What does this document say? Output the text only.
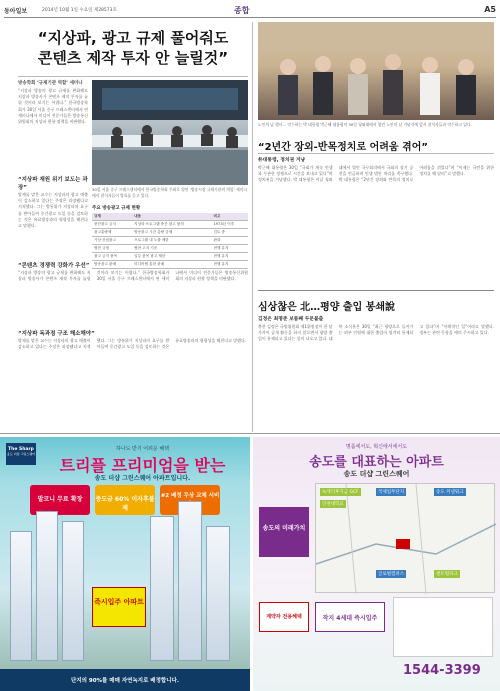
동아일보	2014년 10월 1일 수요일 제28573호	종합	A5
“지상파, 광고 규제 풀어줘도
콘텐츠 제작 투자 안 늘릴것”
방송학회 ‘규제기관 역할’ 세미나
“지상파 방송의 광고 규제를 완화해도 지상파 방송사가 콘텐츠 제작 투자를 늘릴 것이라 보기는 어렵다.” 한국방송학회가 30일 서울 중구 프레스센터에서 연 세미나에서 미디어 전문가들은 방송통신위원회의 지상파 편향 정책을 비판했다.
“지상파 재원 위기 보도는 과장”
발제를 맡은 교수는 지상파의 광고 매출이 감소하고 있다는 주장은 과장됐다고 지적했다. 그는 방통위가 지상파의 요구를 받아들여 중간광고 도입 등을 검토하는 것은 유료방송과의 형평성을 해친다고 말했다.
30일 서울 중구 프레스센터에서 한국방송학회 주최로 열린 ‘방송시장 규제기관의 역할’ 세미나에서 참석자들이 발표를 듣고 있다.
주요 방송광고 규제 현황
규제	내용	비고
중간광고 금지	지상파 프로그램 중간 광고 불허	1973년 이후
광고총량제	방송광고 시간 총량 규제	검토 중
가상·간접광고	프로그램 내 노출 제한	완화
협찬 규정	협찬 고지 기준	현행 유지
광고 금지 품목	일부 품목 광고 제한	현행 유지
방송광고 판매	미디어렙 통한 판매	현행 유지
“콘텐츠 경쟁력 강화가 우선”
“지상파 방송의 광고 규제를 완화해도 지상파 방송사가 콘텐츠 제작 투자를 늘릴 것이라 보기는 어렵다.” 한국방송학회가 30일 서울 중구 프레스센터에서 연 세미나에서 미디어 전문가들은 방송통신위원회의 지상파 편향 정책을 비판했다.
“지상파 독과점 구조 해소해야”
발제를 맡은 교수는 지상파의 광고 매출이 감소하고 있다는 주장은 과장됐다고 지적했다. 그는 방통위가 지상파의 요구를 받아들여 중간광고 도입 등을 검토하는 것은 유료방송과의 형평성을 해친다고 말했다.
노인의 날 행사… 악수하는 박 대통령 박근혜 대통령이 30일 청와대에서 열린 노인의 날 기념식에 앞서 참석자들과 악수하고 있다.
“2년간 장외-반목정치로 어려움 겪어”
朴대통령, 정치권 겨냥
박근혜 대통령은 30일 “국회가 계속 민생과 무관한 정쟁으로 시간을 보내고 있다”며 정치권을 겨냥했다. 박 대통령은 이날 청와대에서 열린 국무회의에서 국회의 장기 공전을 언급하며 민생 법안 처리를 촉구했다. 박 대통령은 “2년간 장외와 반목의 정치로 어려움을 겪었다”며 “이제는 국민을 위한 정치를 해 달라”고 말했다.
심상찮은 北…평양 출입 봉쇄說
김정은 최명준 보름째 두문불출
북한 김정은 국방위원회 제1위원장이 한 달 가까이 공개 활동을 하지 않으면서 평양 출입이 통제되고 있다는 설이 나오고 있다. 대북 소식통은 30일 “최근 평양으로 들어가는 외부 인원에 대한 출입이 엄격히 통제되고 있다”며 “이례적인 일”이라고 말했다. 정부는 관련 동향을 예의 주시하고 있다.
The Sharp
송도 더샵 그린스퀘어
하나도 받기 어려운 혜택
트리플 프리미엄을 받는
송도 더샵 그린스퀘어 아파트입니다.
발코니 무료 확장	중도금 60% 이자후불제
#2 배정 무상 교체 서비
즉시입주 아파트
단지의 90%를 매매 자연녹지로 배정합니다.
명품에서도, 혁신에서에서도
송도를 대표하는 아파트
송도 더샵 그린스퀘어
녹색기후기금 GCF
인천대학교
국제업무단지	송도 커낼워크
센트럴파크
글로벌캠퍼스
송도의 미래가치
계약자 전용혜택	작지 4세대 즉시입주
1544-3399
